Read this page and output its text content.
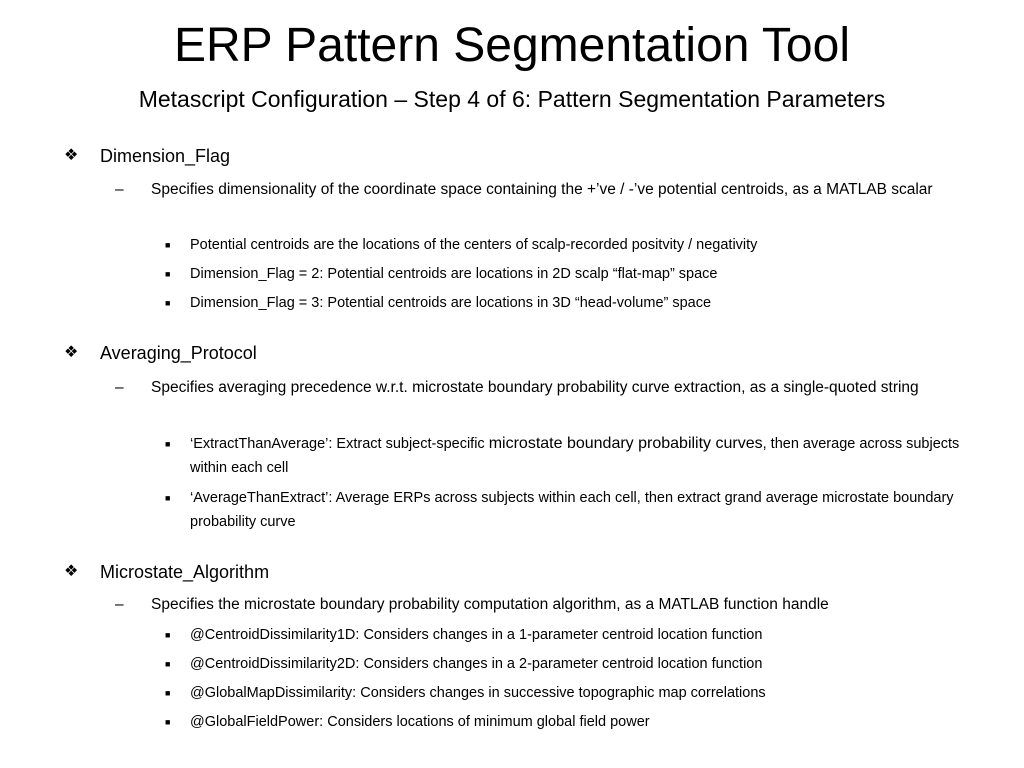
ERP Pattern Segmentation Tool
Metascript Configuration – Step 4 of 6: Pattern Segmentation Parameters
❖ Dimension_Flag
– Specifies dimensionality of the coordinate space containing the +’ve / -’ve potential centroids, as a MATLAB scalar
■ Potential centroids are the locations of the centers of scalp-recorded positvity / negativity
■ Dimension_Flag = 2: Potential centroids are locations in 2D scalp “flat-map” space
■ Dimension_Flag = 3: Potential centroids are locations in 3D “head-volume” space
❖ Averaging_Protocol
– Specifies averaging precedence w.r.t. microstate boundary probability curve extraction, as a single-quoted string
■ ‘ExtractThanAverage’: Extract subject-specific microstate boundary probability curves, then average across subjects within each cell
■ ‘AverageThanExtract’: Average ERPs across subjects within each cell, then extract grand average microstate boundary probability curve
❖ Microstate_Algorithm
– Specifies the microstate boundary probability computation algorithm, as a MATLAB function handle
■ @CentroidDissimilarity1D: Considers changes in a 1-parameter centroid location function
■ @CentroidDissimilarity2D: Considers changes in a 2-parameter centroid location function
■ @GlobalMapDissimilarity: Considers changes in successive topographic map correlations
■ @GlobalFieldPower: Considers locations of minimum global field power
